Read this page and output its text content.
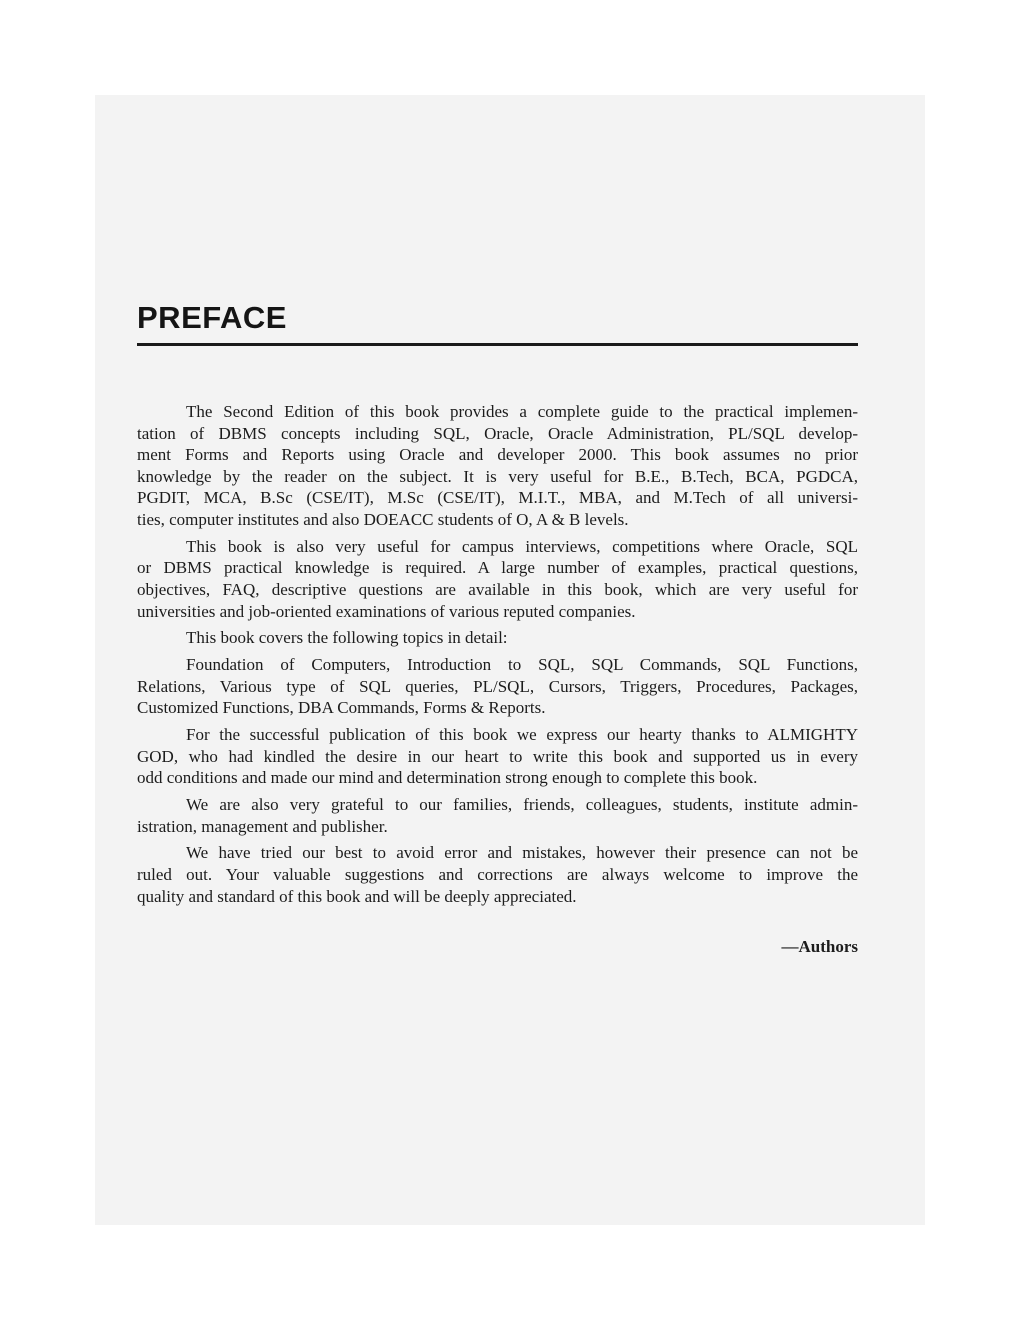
PREFACE
The Second Edition of this book provides a complete guide to the practical implemen-
tation of DBMS concepts including SQL, Oracle, Oracle Administration, PL/SQL develop-
ment Forms and Reports using Oracle and developer 2000. This book assumes no prior
knowledge by the reader on the subject. It is very useful for B.E., B.Tech, BCA, PGDCA,
PGDIT, MCA, B.Sc (CSE/IT), M.Sc (CSE/IT), M.I.T., MBA, and M.Tech of all universi-
ties, computer institutes and also DOEACC students of O, A & B levels.
This book is also very useful for campus interviews, competitions where Oracle, SQL
or DBMS practical knowledge is required. A large number of examples, practical questions,
objectives, FAQ, descriptive questions are available in this book, which are very useful for
universities and job-oriented examinations of various reputed companies.
This book covers the following topics in detail:
Foundation of Computers, Introduction to SQL, SQL Commands, SQL Functions,
Relations, Various type of SQL queries, PL/SQL, Cursors, Triggers, Procedures, Packages,
Customized Functions, DBA Commands, Forms & Reports.
For the successful publication of this book we express our hearty thanks to ALMIGHTY
GOD, who had kindled the desire in our heart to write this book and supported us in every
odd conditions and made our mind and determination strong enough to complete this book.
We are also very grateful to our families, friends, colleagues, students, institute admin-
istration, management and publisher.
We have tried our best to avoid error and mistakes, however their presence can not be
ruled out. Your valuable suggestions and corrections are always welcome to improve the
quality and standard of this book and will be deeply appreciated.
—Authors
